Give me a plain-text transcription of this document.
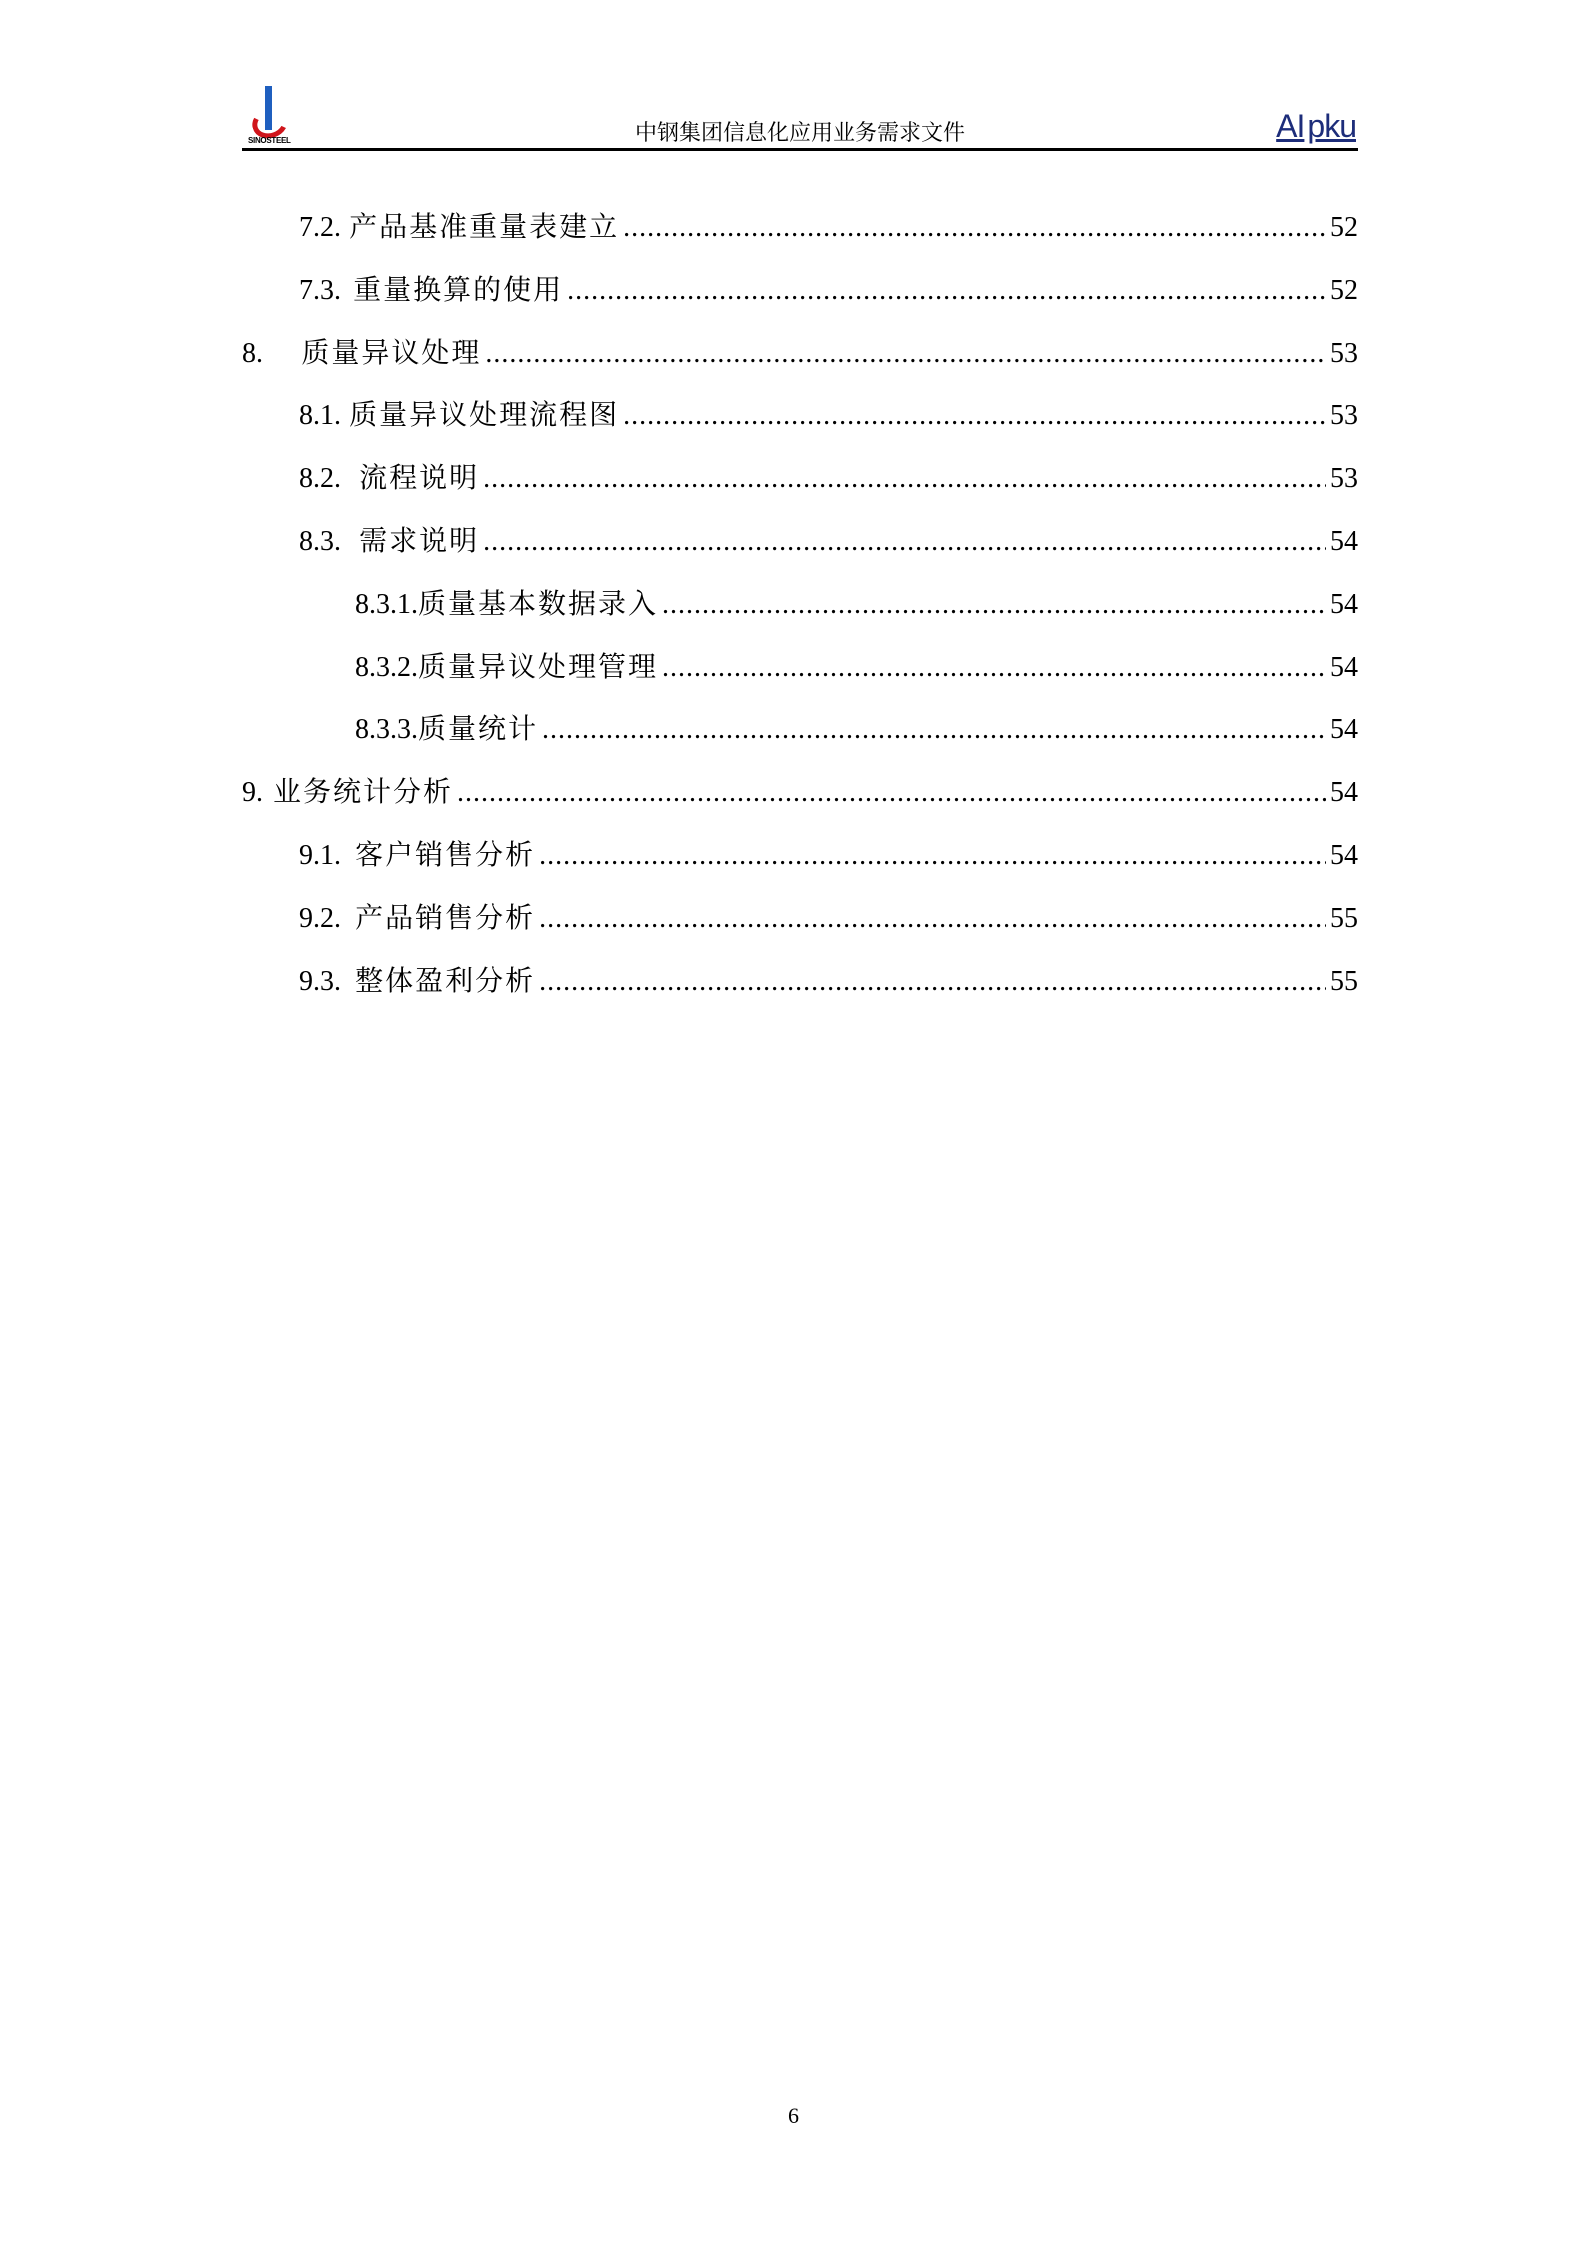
SINOSTEEL	中钢集团信息化应用业务需求文件	AIpku
7.2. 产品基准重量表建立 .....	52
7.3. 重量换算的使用 .....	52
8.	质量异议处理 .....	53
8.1. 质量异议处理流程图 .....	53
8.2. 流程说明 .....	53
8.3. 需求说明 .....	54
8.3.1. 质量基本数据录入 .....	54
8.3.2. 质量异议处理管理 .....	54
8.3.3. 质量统计 .....	54
9. 业务统计分析 .....	54
9.1. 客户销售分析 .....	54
9.2. 产品销售分析 .....	55
9.3. 整体盈利分析 .....	55
6
